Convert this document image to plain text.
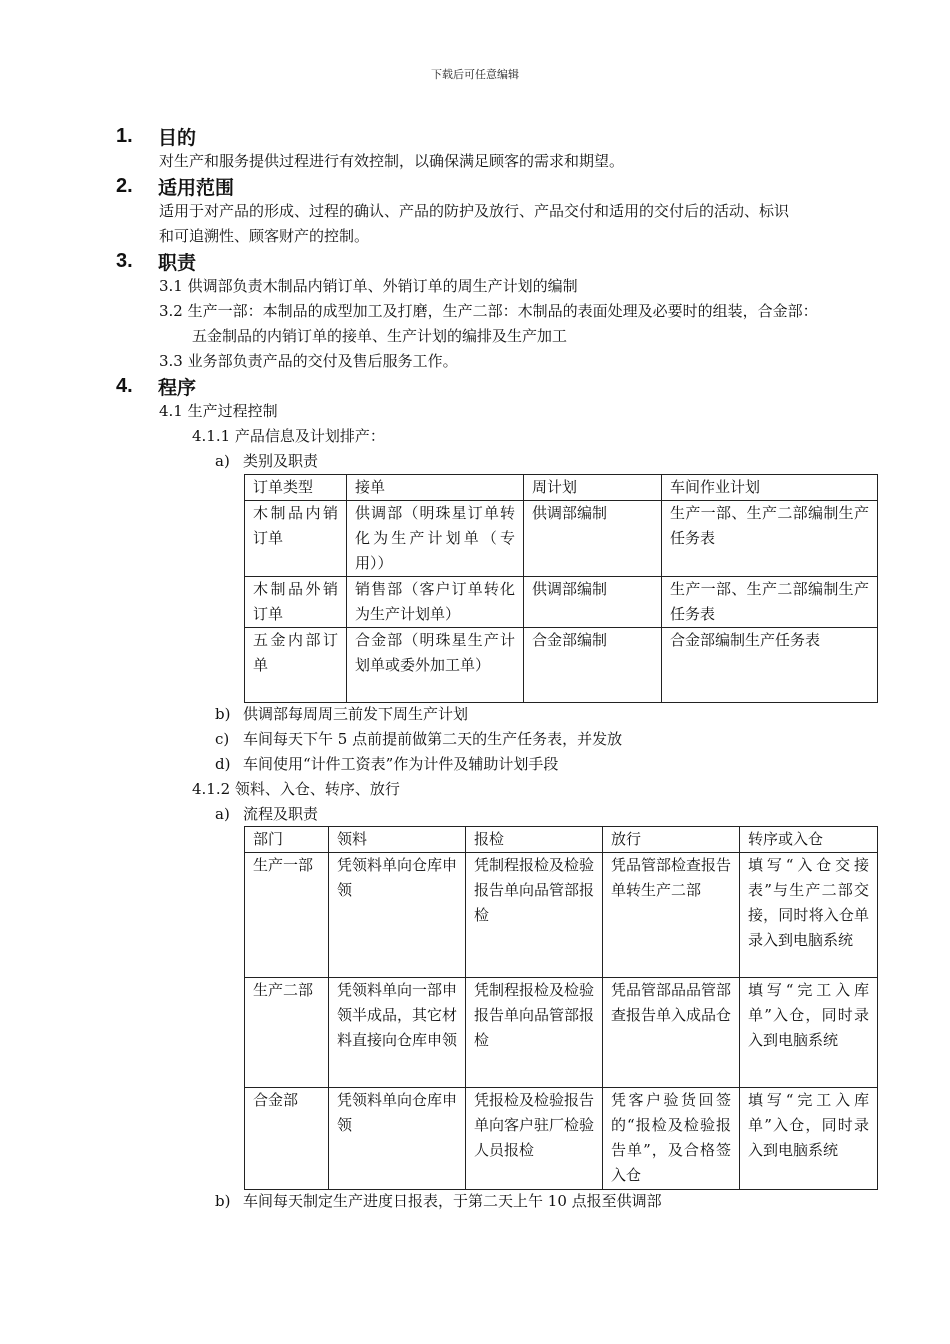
下载后可任意编辑
1.	目的
对生产和服务提供过程进行有效控制，以确保满足顾客的需求和期望。
2.	适用范围
适用于对产品的形成、过程的确认、产品的防护及放行、产品交付和适用的交付后的活动、标识
和可追溯性、顾客财产的控制。
3.	职责
3.1 供调部负责木制品内销订单、外销订单的周生产计划的编制
3.2 生产一部：本制品的成型加工及打磨，生产二部：木制品的表面处理及必要时的组装，合金部：
五金制品的内销订单的接单、生产计划的编排及生产加工
3.3 业务部负责产品的交付及售后服务工作。
4.	程序
4.1 生产过程控制
4.1.1 产品信息及计划排产：
a) 类别及职责
订单类型	接单	周计划	车间作业计划
木制品内销订单	供调部（明珠星订单转化为生产计划单（专用））	供调部编制	生产一部、生产二部编制生产任务表
木制品外销订单	销售部（客户订单转化为生产计划单）	供调部编制	生产一部、生产二部编制生产任务表
五金内部订单	合金部（明珠星生产计划单或委外加工单）	合金部编制	合金部编制生产任务表
b) 供调部每周周三前发下周生产计划
c) 车间每天下午 5 点前提前做第二天的生产任务表，并发放
d) 车间使用“计件工资表”作为计件及辅助计划手段
4.1.2 领料、入仓、转序、放行
a) 流程及职责
部门	领料	报检	放行	转序或入仓
生产一部	凭领料单向仓库申领	凭制程报检及检验报告单向品管部报检	凭品管部检查报告单转生产二部	填写“入仓交接表”与生产二部交接，同时将入仓单录入到电脑系统
生产二部	凭领料单向一部申领半成品，其它材料直接向仓库申领	凭制程报检及检验报告单向品管部报检	凭品管部品品管部查报告单入成品仓	填写“完工入库单”入仓，同时录入到电脑系统
合金部	凭领料单向仓库申领	凭报检及检验报告单向客户驻厂检验人员报检	凭客户验货回签的“报检及检验报告单”，及合格签入仓	填写“完工入库单”入仓，同时录入到电脑系统
b) 车间每天制定生产进度日报表，于第二天上午 10 点报至供调部
